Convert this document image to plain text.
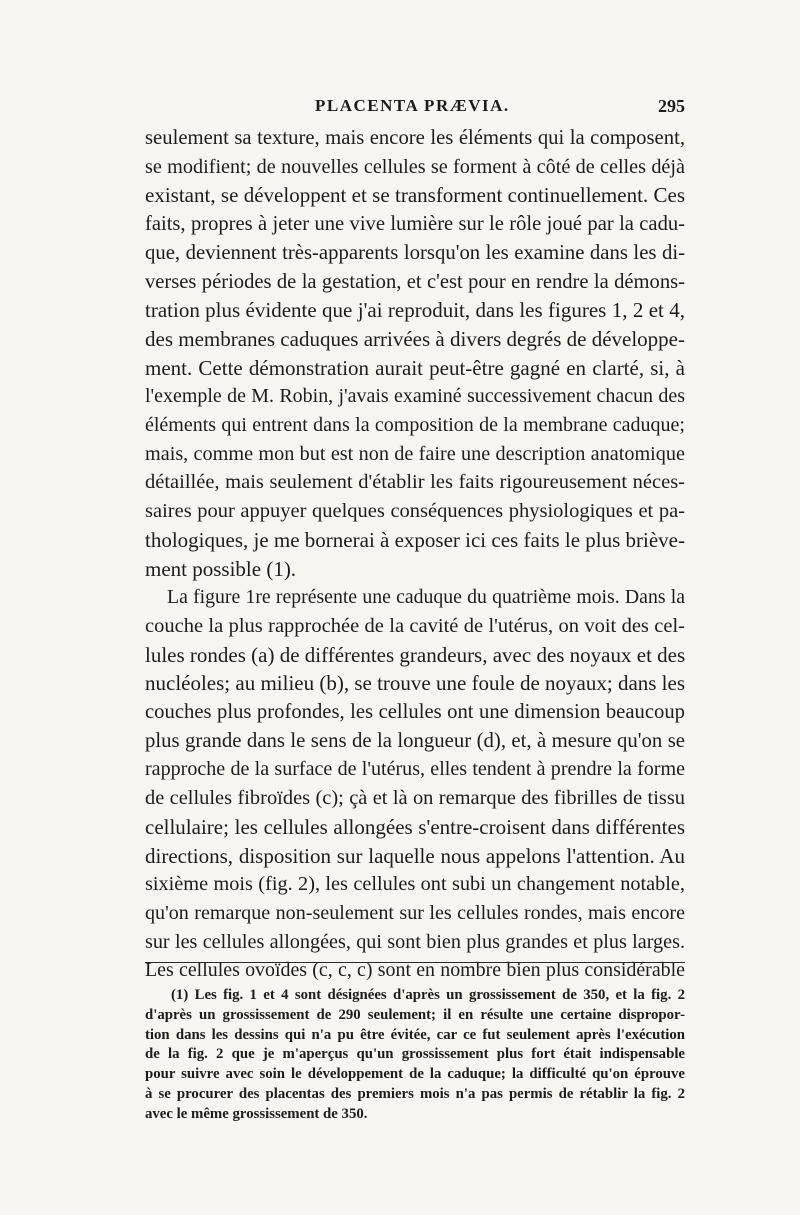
PLACENTA PRÆVIA.	295
seulement sa texture, mais encore les éléments qui la composent,
se modifient; de nouvelles cellules se forment à côté de celles déjà
existant, se développent et se transforment continuellement. Ces
faits, propres à jeter une vive lumière sur le rôle joué par la cadu-
que, deviennent très-apparents lorsqu'on les examine dans les di-
verses périodes de la gestation, et c'est pour en rendre la démons-
tration plus évidente que j'ai reproduit, dans les figures 1, 2 et 4,
des membranes caduques arrivées à divers degrés de développe-
ment. Cette démonstration aurait peut-être gagné en clarté, si, à
l'exemple de M. Robin, j'avais examiné successivement chacun des
éléments qui entrent dans la composition de la membrane caduque;
mais, comme mon but est non de faire une description anatomique
détaillée, mais seulement d'établir les faits rigoureusement néces-
saires pour appuyer quelques conséquences physiologiques et pa-
thologiques, je me bornerai à exposer ici ces faits le plus briève-
ment possible (1).
La figure 1re représente une caduque du quatrième mois. Dans la
couche la plus rapprochée de la cavité de l'utérus, on voit des cel-
lules rondes (a) de différentes grandeurs, avec des noyaux et des
nucléoles; au milieu (b), se trouve une foule de noyaux; dans les
couches plus profondes, les cellules ont une dimension beaucoup
plus grande dans le sens de la longueur (d), et, à mesure qu'on se
rapproche de la surface de l'utérus, elles tendent à prendre la forme
de cellules fibroïdes (c); çà et là on remarque des fibrilles de tissu
cellulaire; les cellules allongées s'entre-croisent dans différentes
directions, disposition sur laquelle nous appelons l'attention. Au
sixième mois (fig. 2), les cellules ont subi un changement notable,
qu'on remarque non-seulement sur les cellules rondes, mais encore
sur les cellules allongées, qui sont bien plus grandes et plus larges.
Les cellules ovoïdes (c, c, c) sont en nombre bien plus considérable
(1) Les fig. 1 et 4 sont désignées d'après un grossissement de 350, et la fig. 2
d'après un grossissement de 290 seulement; il en résulte une certaine dispropor-
tion dans les dessins qui n'a pu être évitée, car ce fut seulement après l'exécution
de la fig. 2 que je m'aperçus qu'un grossissement plus fort était indispensable
pour suivre avec soin le développement de la caduque; la difficulté qu'on éprouve
à se procurer des placentas des premiers mois n'a pas permis de rétablir la fig. 2
avec le même grossissement de 350.
